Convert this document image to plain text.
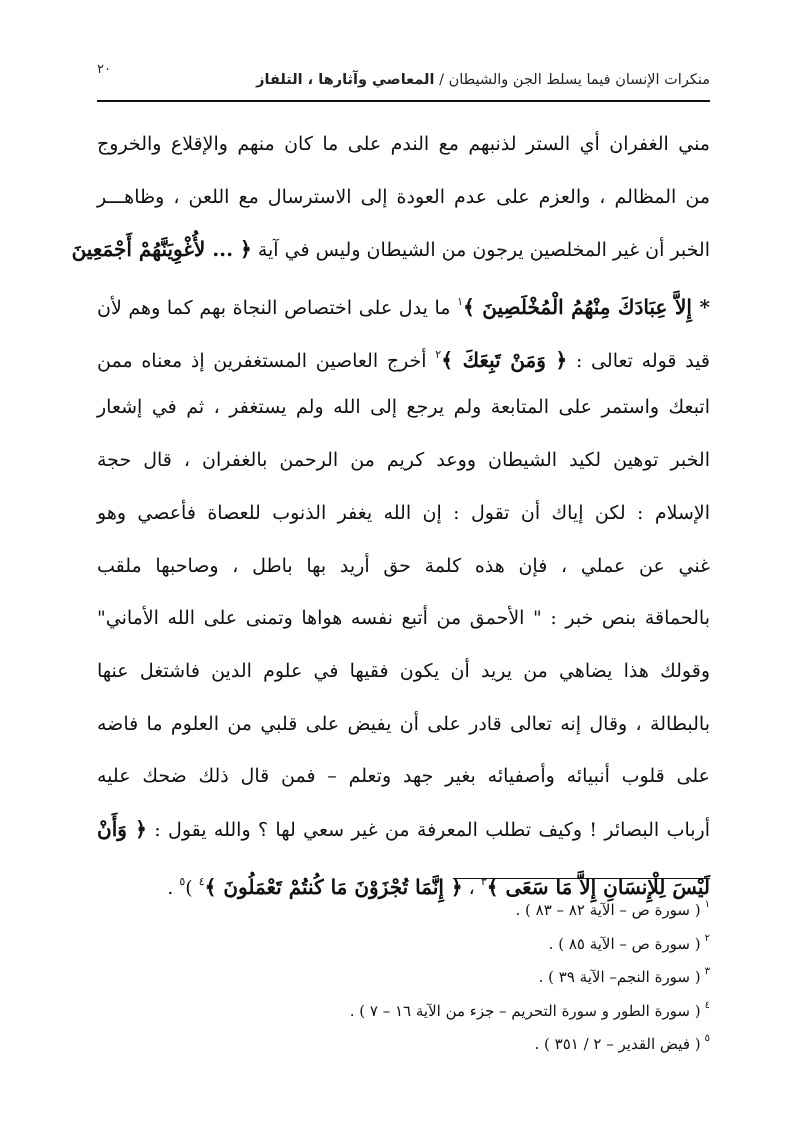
٢٠
منكرات الإنسان فيما يسلط الجن والشيطان / المعاصي وآثارها ، التلفاز
مني الغفران أي الستر لذنبهم مع الندم على ما كان منهم والإقلاع والخروج
من المظالم ، والعزم على عدم العودة إلى الاسترسال مع اللعن ، وظاهـــر
الخبر أن غير المخلصين يرجون من الشيطان وليس في آية ﴿ ... لأُغْوِيَنَّهُمْ أَجْمَعِينَ
* إِلاَّ عِبَادَكَ مِنْهُمُ الْمُخْلَصِينَ ﴾$^١$ ما يدل على اختصاص النجاة بهم كما وهم لأن
قيد قوله تعالى : ﴿ وَمَنْ تَبِعَكَ ﴾$^٢$ أخرج العاصين المستغفرين إذ معناه ممن
اتبعك واستمر على المتابعة ولم يرجع إلى الله ولم يستغفر ، ثم في إشعار
الخبر توهين لكيد الشيطان ووعد كريم من الرحمن بالغفران ، قال حجة
الإسلام : لكن إياك أن تقول : إن الله يغفر الذنوب للعصاة فأعصي وهو
غني عن عملي ، فإن هذه كلمة حق أريد بها باطل ، وصاحبها ملقب
بالحماقة بنص خبر : " الأحمق من أتبع نفسه هواها وتمنى على الله الأماني"
وقولك هذا يضاهي من يريد أن يكون فقيها في علوم الدين فاشتغل عنها
بالبطالة ، وقال إنه تعالى قادر على أن يفيض على قلبي من العلوم ما فاضه
على قلوب أنبيائه وأصفيائه بغير جهد وتعلم – فمن قال ذلك ضحك عليه
أرباب البصائر ! وكيف تطلب المعرفة من غير سعي لها ؟ والله يقول : ﴿ وَأَنْ
لَيْسَ لِلْإِنسَانِ إِلاَّ مَا سَعَى ﴾$^٣$ ، ﴿ إِنَّمَا تُجْزَوْنَ مَا كُنتُمْ تَعْمَلُونَ ﴾$^٤$ )$^٥$ .
$^١$( سورة ص – الآية ٨٢ – ٨٣ ) .
$^٢$( سورة ص – الآية ٨٥ ) .
$^٣$( سورة النجم– الآية ٣٩ ) .
$^٤$( سورة الطور و سورة التحريم – جزء من الآية ١٦ – ٧ ) .
$^٥$( فيض القدير – ٢ / ٣٥١ ) .
